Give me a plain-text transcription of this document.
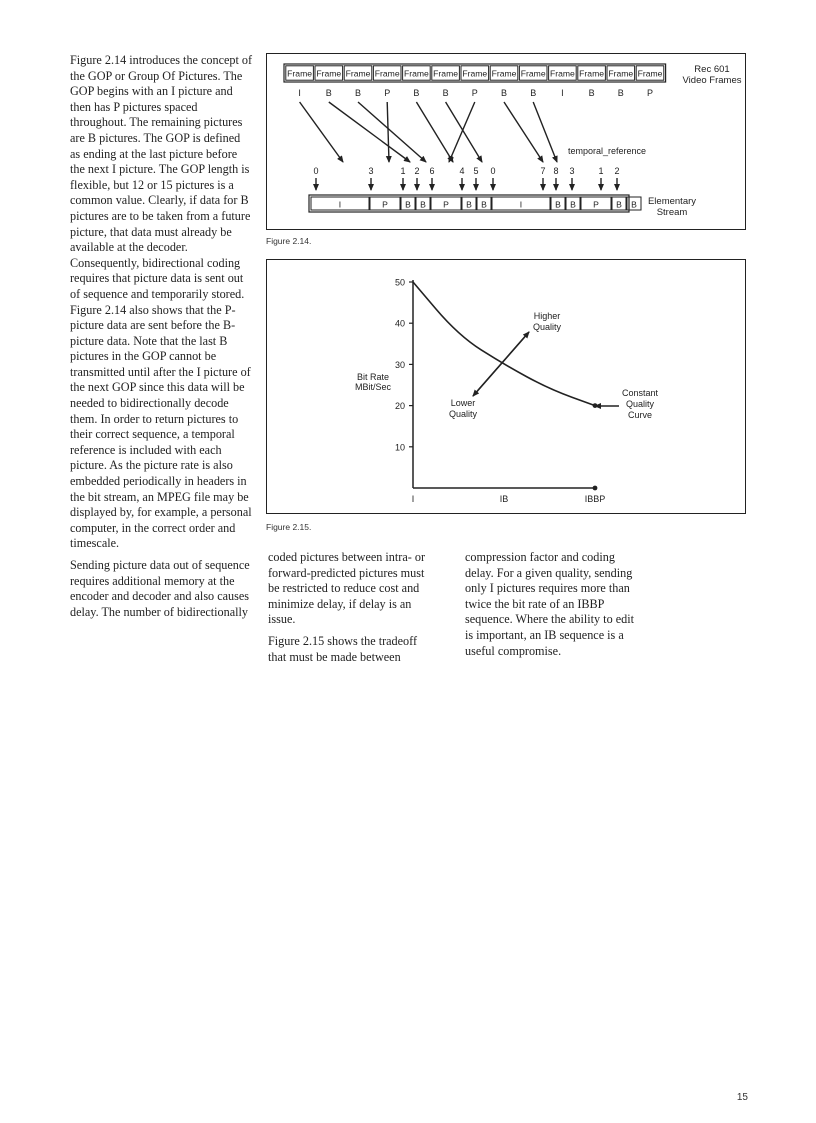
Figure 2.14 introduces the concept of the GOP or Group Of Pictures. The GOP begins with an I picture and then has P pictures spaced throughout. The remaining pictures are B pictures. The GOP is defined as ending at the last picture before the next I picture. The GOP length is flexible, but 12 or 15 pictures is a common value. Clearly, if data for B pictures are to be taken from a future picture, that data must already be available at the decoder. Consequently, bidirectional coding requires that picture data is sent out of sequence and temporarily stored. Figure 2.14 also shows that the P-picture data are sent before the B-picture data. Note that the last B pictures in the GOP cannot be transmitted until after the I picture of the next GOP since this data will be needed to bidirectionally decode them. In order to return pictures to their correct sequence, a temporal reference is included with each picture. As the picture rate is also embedded periodically in headers in the bit stream, an MPEG file may be displayed by, for example, a personal computer, in the correct order and timescale.

Sending picture data out of sequence requires additional memory at the encoder and decoder and also causes delay. The number of bidirectionally

Frame Frame Frame Frame Frame Frame Frame Frame Frame Frame Frame Frame Frame	Rec 601
Video Frames
I	B	B	P	B	B	P	B	B	I	B	B	P
temporal_reference
0	3	1 2 6	4 5 0	7 8 3	1 2
I	P B B P B B	I	B B P B B Elementary
Stream
Figure 2.14.
10
20
30
40
50
I	IB	IBBP
Bit Rate
MBit/Sec
Higher
Quality
Lower
Quality
Constant
Quality
Curve
Figure 2.15.

coded pictures between intra- or forward-predicted pictures must be restricted to reduce cost and minimize delay, if delay is an issue.

Figure 2.15 shows the tradeoff that must be made between

compression factor and coding delay. For a given quality, sending only I pictures requires more than twice the bit rate of an IBBP sequence. Where the ability to edit is important, an IB sequence is a useful compromise.

15
